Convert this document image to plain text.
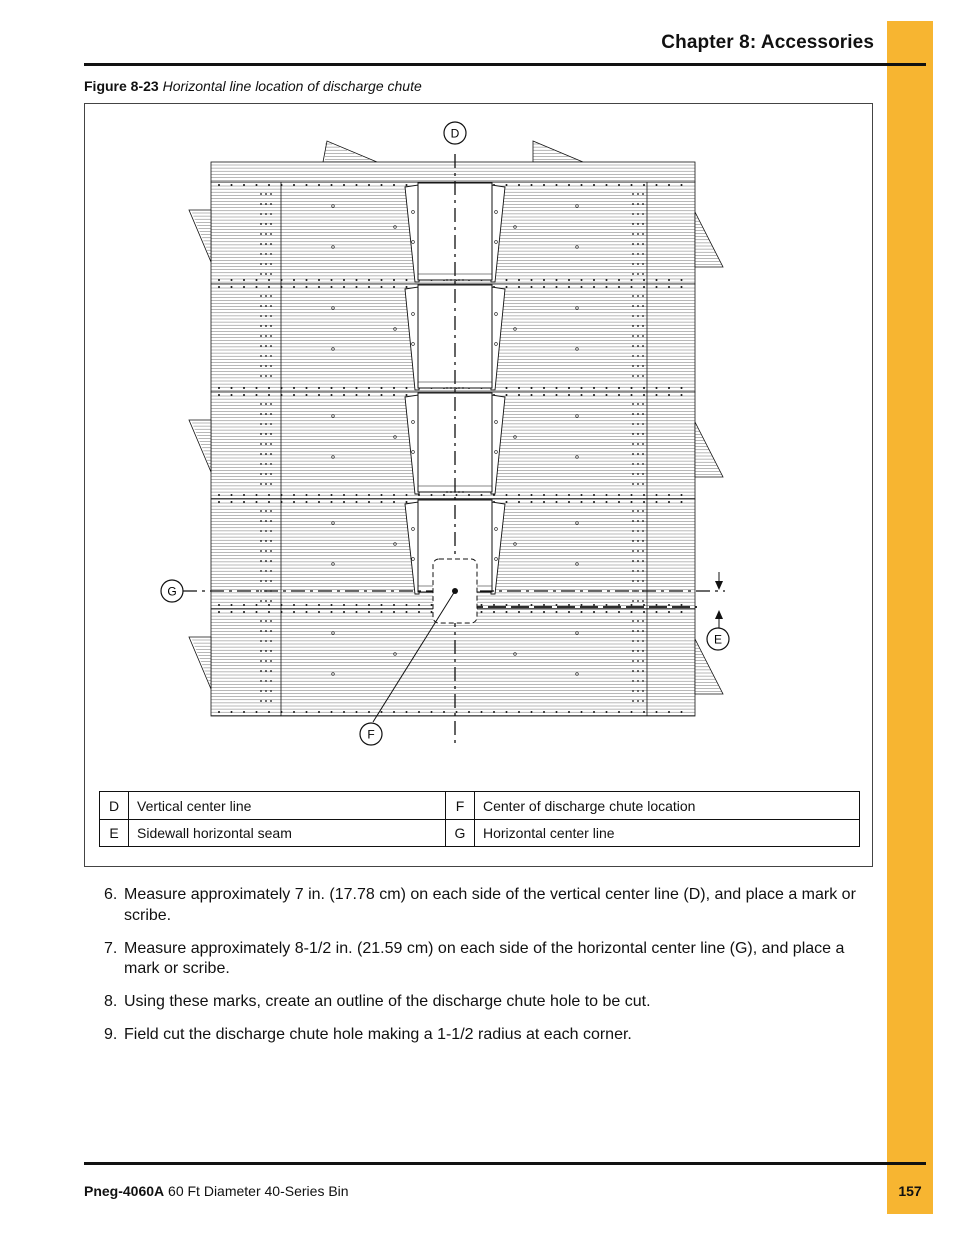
Chapter 8: Accessories
Figure 8-23 Horizontal line location of discharge chute
D
G
E
F
D	Vertical center line	F	Center of discharge chute location
E	Sidewall horizontal seam	G	Horizontal center line
6. Measure approximately 7 in. (17.78 cm) on each side of the vertical center line (D), and place a mark or scribe.
7. Measure approximately 8-1/2 in. (21.59 cm) on each side of the horizontal center line (G), and place a mark or scribe.
8. Using these marks, create an outline of the discharge chute hole to be cut.
9. Field cut the discharge chute hole making a 1-1/2 radius at each corner.
Pneg-4060A 60 Ft Diameter 40-Series Bin	157
